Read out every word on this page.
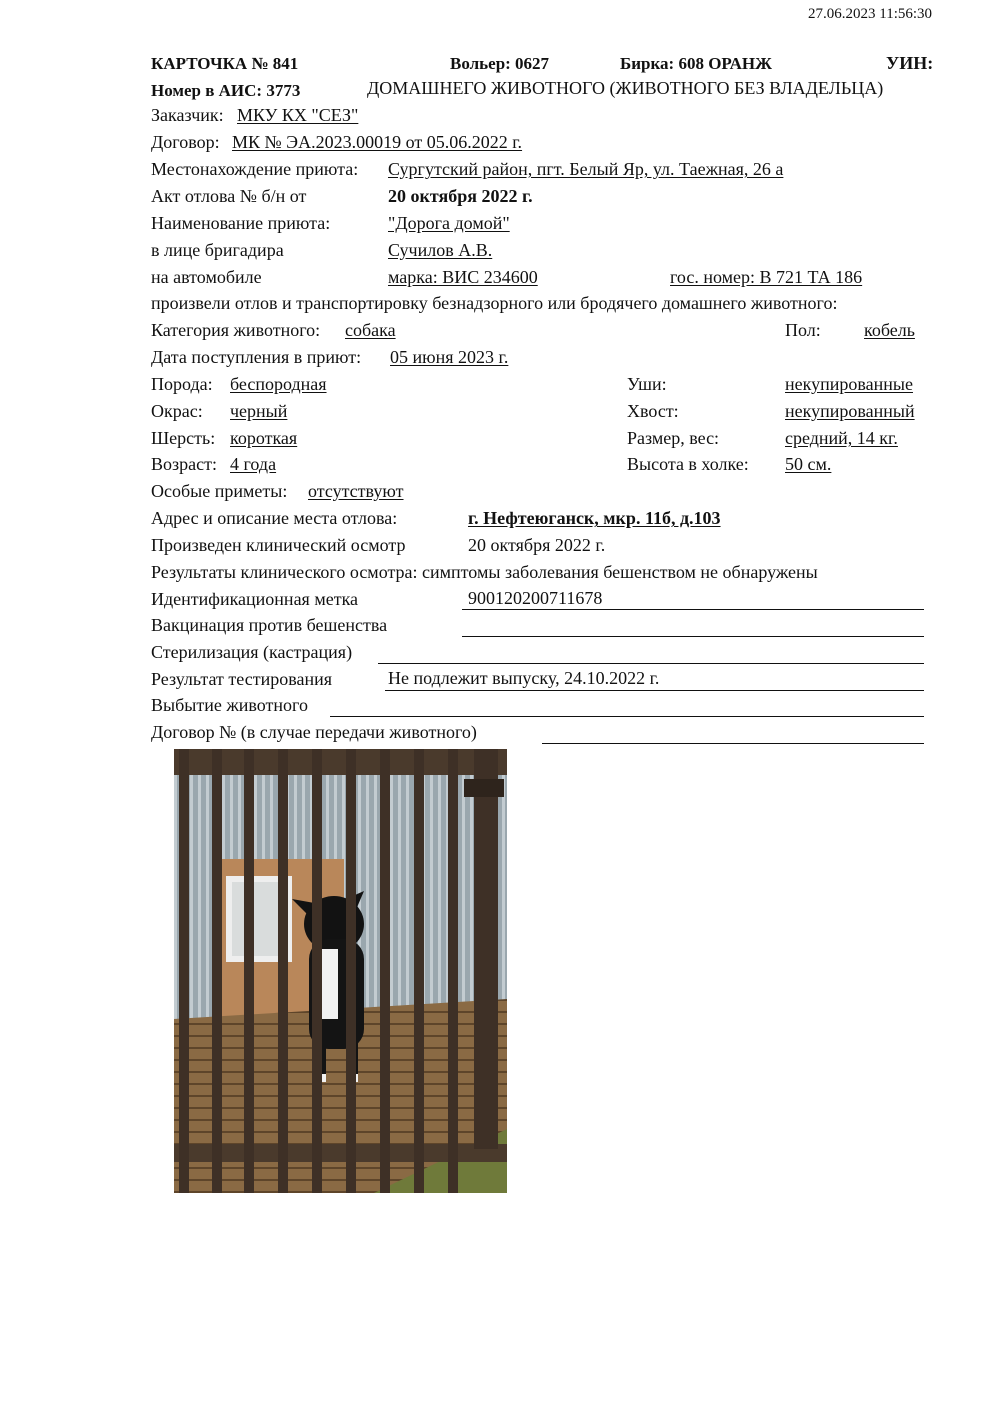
27.06.2023 11:56:30
КАРТОЧКА № 841	Вольер: 0627	Бирка: 608 ОРАНЖ	УИН:
Номер в АИС: 3773	ДОМАШНЕГО ЖИВОТНОГО (ЖИВОТНОГО БЕЗ ВЛАДЕЛЬЦА)
Заказчик: МКУ КХ "СЕЗ"
Договор: МК № ЭА.2023.00019 от 05.06.2022 г.
Местонахождение приюта: Сургутский район, пгт. Белый Яр, ул. Таежная, 26 а
Акт отлова № б/н от	20 октября 2022 г.
Наименование приюта:	"Дорога домой"
в лице бригадира	Сучилов А.В.
на автомобиле	марка: ВИС 234600	гос. номер: В 721 ТА 186
произвели отлов и транспортировку безнадзорного или бродячего домашнего животного:
Категория животного: собака	Пол: кобель
Дата поступления в приют: 05 июня 2023 г.
Порода: беспородная	Уши:	некупированные
Окрас: черный	Хвост:	некупированный
Шерсть: короткая	Размер, вес:	средний, 14 кг.
Возраст: 4 года	Высота в холке: 50 см.
Особые приметы: отсутствуют
Адрес и описание места отлова:	г. Нефтеюганск, мкр. 11б, д.103
Произведен клинический осмотр	20 октября 2022 г.
Результаты клинического осмотра: симптомы заболевания бешенством не обнаружены
Идентификационная метка	900120200711678
Вакцинация против бешенства
Стерилизация (кастрация)
Результат тестирования	Не подлежит выпуску, 24.10.2022 г.
Выбытие животного
Договор № (в случае передачи животного)
